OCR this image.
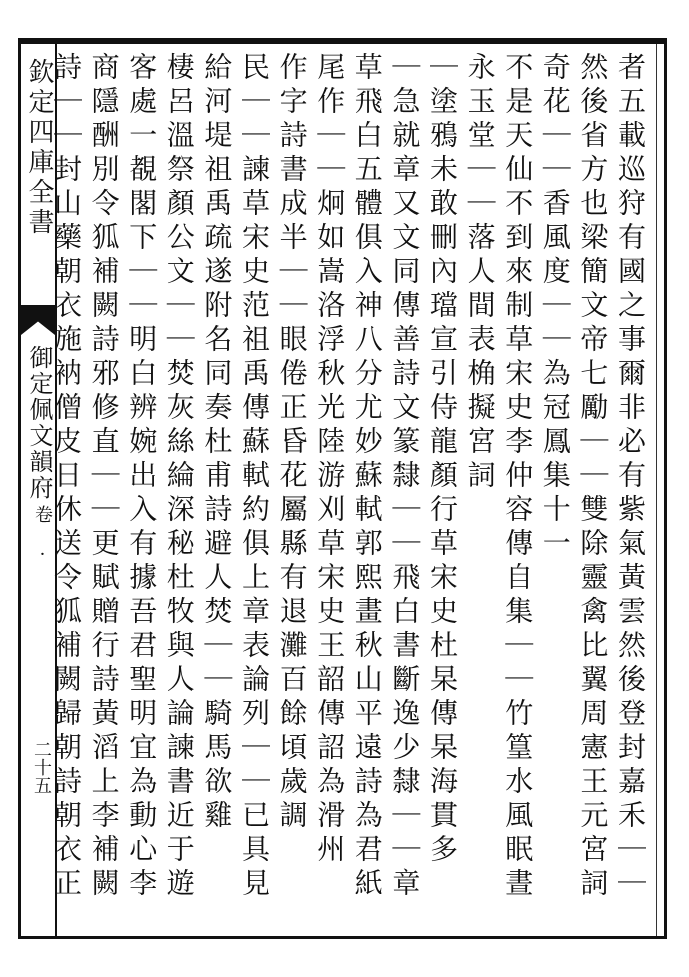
欽定四庫全書
御定佩文韻府
卷 ·
二十五	者五載巡狩有國之事爾非必有紫氣黃雲然後登封嘉禾｜｜
然後省方也梁簡文帝七勵｜｜雙除靈禽比翼周憲王元宮詞
奇花｜｜香風度｜｜為冠鳳集十一
不是天仙不到來制草宋史李仲容傳自集｜｜竹篁水風眠晝
永玉堂｜｜落人間表桷擬宮詞
｜塗鴉未敢刪內璫宣引侍龍顏行草宋史杜杲傳杲海貫多
｜急就章又文同傳善詩文篆隸｜｜飛白書斷逸少隸｜｜章
草飛白五體俱入神八分尤妙蘇軾郭熙畫秋山平遠詩為君紙
尾作｜｜炯如嵩洛浮秋光陸游刈草宋史王韶傳詔為滑州
作字詩書成半｜｜眼倦正昏花屬縣有退灘百餘頃歲調
民｜｜諫草宋史范祖禹傳蘇軾約俱上章表論列｜｜已具見
給河堤祖禹疏遂附名同奏杜甫詩避人焚｜｜騎馬欲雞
棲呂溫祭顏公文｜｜焚灰絲綸深秘杜牧與人論諫書近于遊
客處一覩閣下｜｜明白辨婉出入有據吾君聖明宜為動心李
商隱酬別令狐補闕詩邪修直｜｜更賦贈行詩黃滔上李補闕
詩｜｜封山藥朝衣施衲僧皮日休送令狐補闕歸朝詩朝衣正
